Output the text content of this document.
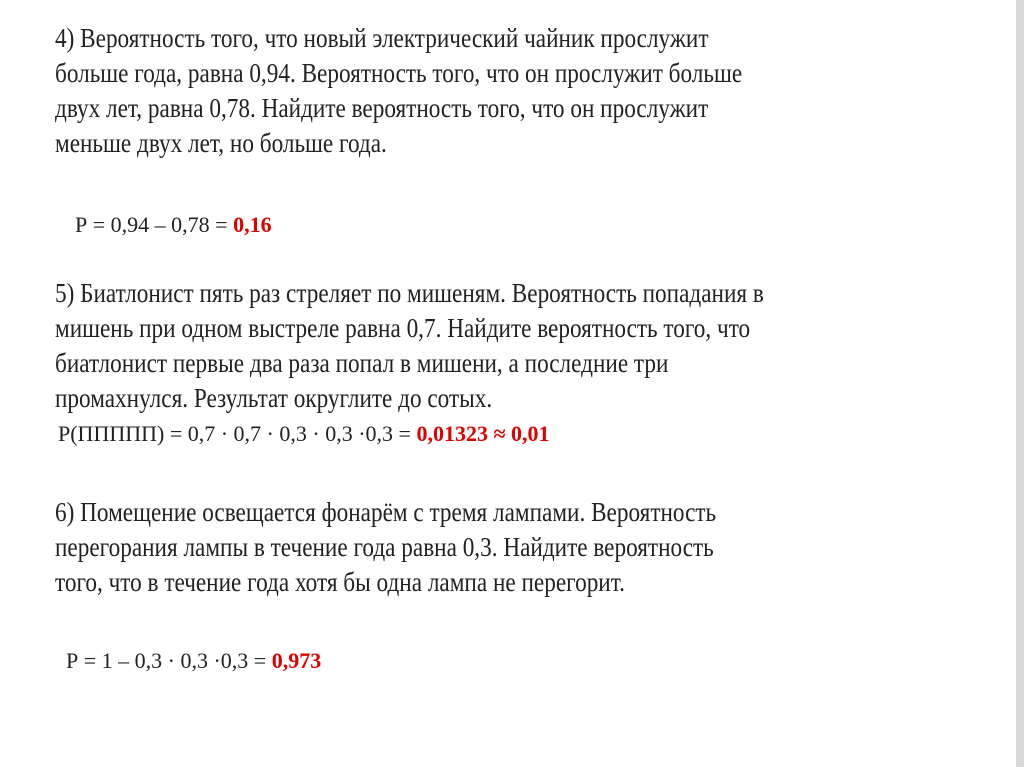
4) Вероятность того, что новый электрический чайник прослужит
больше года, равна 0,94. Вероятность того, что он прослужит больше
двух лет, равна 0,78. Найдите вероятность того, что он прослужит
меньше двух лет, но больше года.

Р = 0,94 – 0,78 = 0,16

5) Биатлонист пять раз стреляет по мишеням. Вероятность попадания в
мишень при одном выстреле равна 0,7. Найдите вероятность того, что
биатлонист первые два раза попал в мишени, а последние три
промахнулся. Результат округлите до сотых.

Р(ППППП) = 0,7 · 0,7 · 0,3 · 0,3 ·0,3 = 0,01323 ≈ 0,01

6) Помещение освещается фонарём с тремя лампами. Вероятность
перегорания лампы в течение года равна 0,3. Найдите вероятность
того, что в течение года хотя бы одна лампа не перегорит.

Р = 1 – 0,3 · 0,3 ·0,3 = 0,973
